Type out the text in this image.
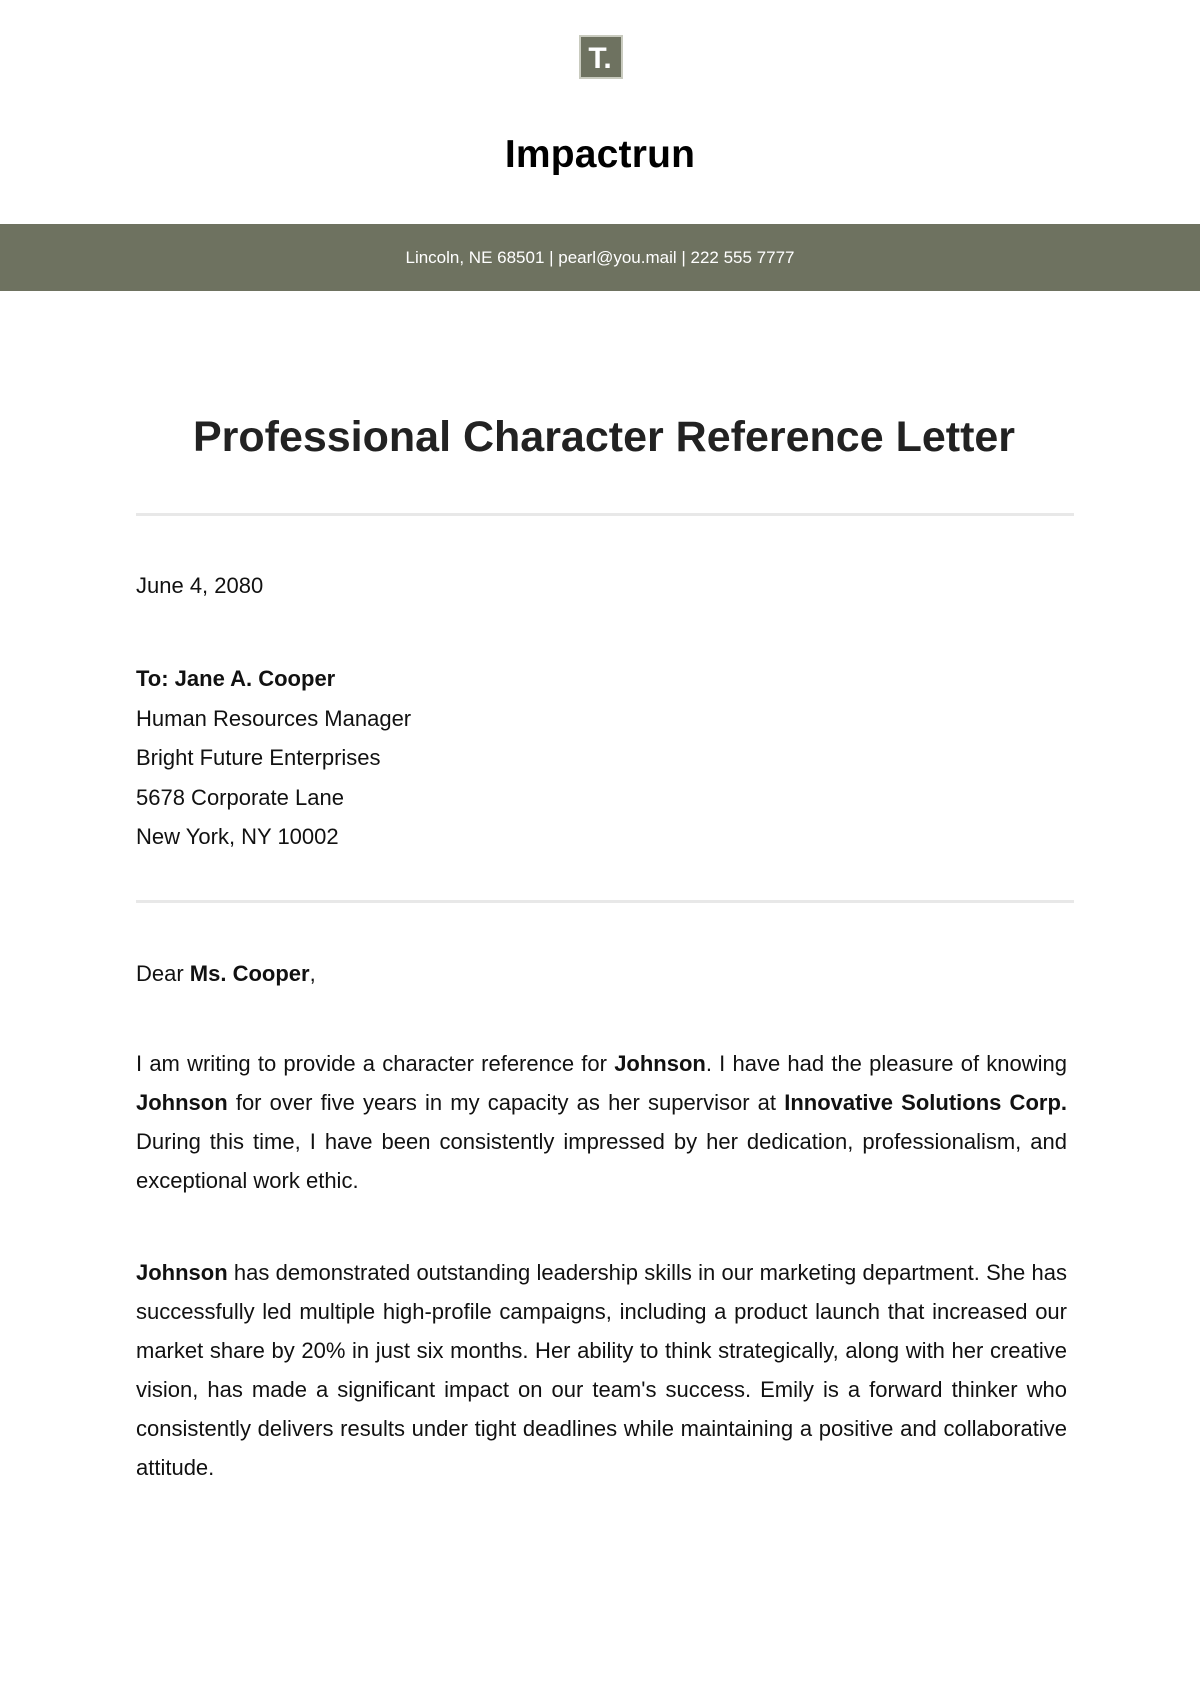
T.
Impactrun
Lincoln, NE 68501 | pearl@you.mail | 222 555 7777
Professional Character Reference Letter
June 4, 2080
To: Jane A. Cooper
Human Resources Manager
Bright Future Enterprises
5678 Corporate Lane
New York, NY 10002
Dear Ms. Cooper,
I am writing to provide a character reference for Johnson. I have had the pleasure of knowing Johnson for over five years in my capacity as her supervisor at Innovative Solutions Corp. During this time, I have been consistently impressed by her dedication, professionalism, and exceptional work ethic.
Johnson has demonstrated outstanding leadership skills in our marketing department. She has successfully led multiple high-profile campaigns, including a product launch that increased our market share by 20% in just six months. Her ability to think strategically, along with her creative vision, has made a significant impact on our team's success. Emily is a forward thinker who consistently delivers results under tight deadlines while maintaining a positive and collaborative attitude.
